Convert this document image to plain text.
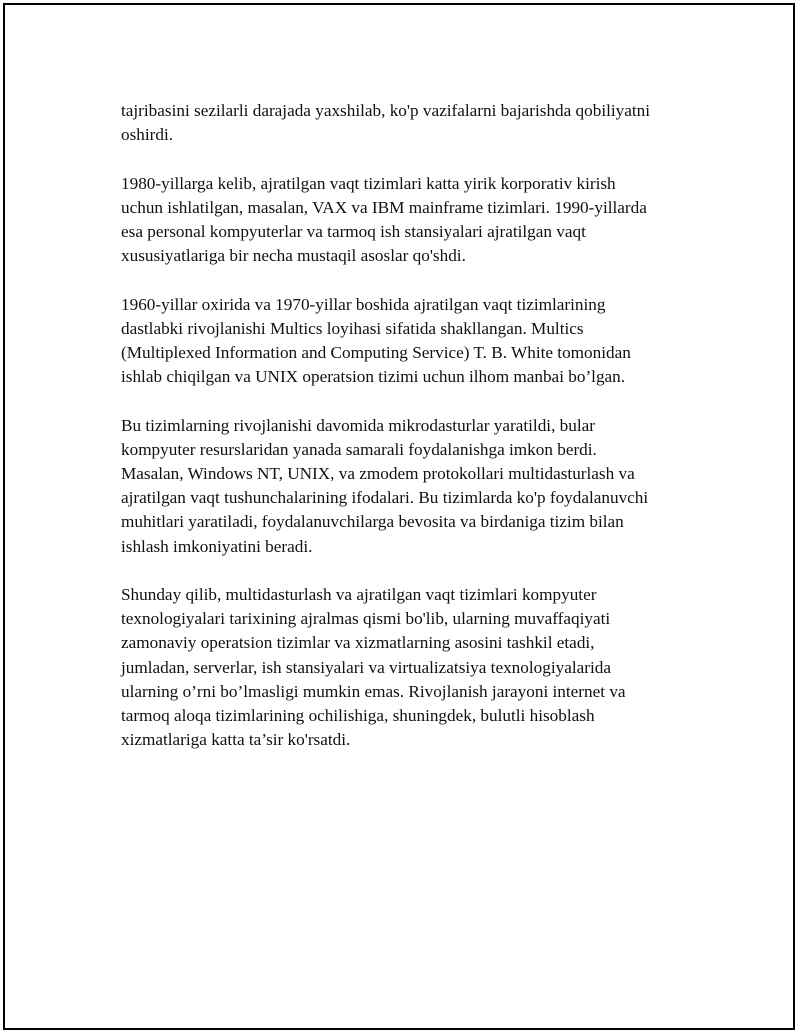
tajribasini sezilarli darajada yaxshilab, ko'p vazifalarni bajarishda qobiliyatni
oshirdi.

1980-yillarga kelib, ajratilgan vaqt tizimlari katta yirik korporativ kirish
uchun ishlatilgan, masalan, VAX va IBM mainframe tizimlari. 1990-yillarda
esa personal kompyuterlar va tarmoq ish stansiyalari ajratilgan vaqt
xususiyatlariga bir necha mustaqil asoslar qo'shdi.

1960-yillar oxirida va 1970-yillar boshida ajratilgan vaqt tizimlarining
dastlabki rivojlanishi Multics loyihasi sifatida shakllangan. Multics
(Multiplexed Information and Computing Service) T. B. White tomonidan
ishlab chiqilgan va UNIX operatsion tizimi uchun ilhom manbai bo’lgan.

Bu tizimlarning rivojlanishi davomida mikrodasturlar yaratildi, bular
kompyuter resurslaridan yanada samarali foydalanishga imkon berdi.
Masalan, Windows NT, UNIX, va zmodem protokollari multidasturlash va
ajratilgan vaqt tushunchalarining ifodalari. Bu tizimlarda ko'p foydalanuvchi
muhitlari yaratiladi, foydalanuvchilarga bevosita va birdaniga tizim bilan
ishlash imkoniyatini beradi.

Shunday qilib, multidasturlash va ajratilgan vaqt tizimlari kompyuter
texnologiyalari tarixining ajralmas qismi bo'lib, ularning muvaffaqiyati
zamonaviy operatsion tizimlar va xizmatlarning asosini tashkil etadi,
jumladan, serverlar, ish stansiyalari va virtualizatsiya texnologiyalarida
ularning o’rni bo’lmasligi mumkin emas. Rivojlanish jarayoni internet va
tarmoq aloqa tizimlarining ochilishiga, shuningdek, bulutli hisoblash
xizmatlariga katta ta’sir ko'rsatdi.
